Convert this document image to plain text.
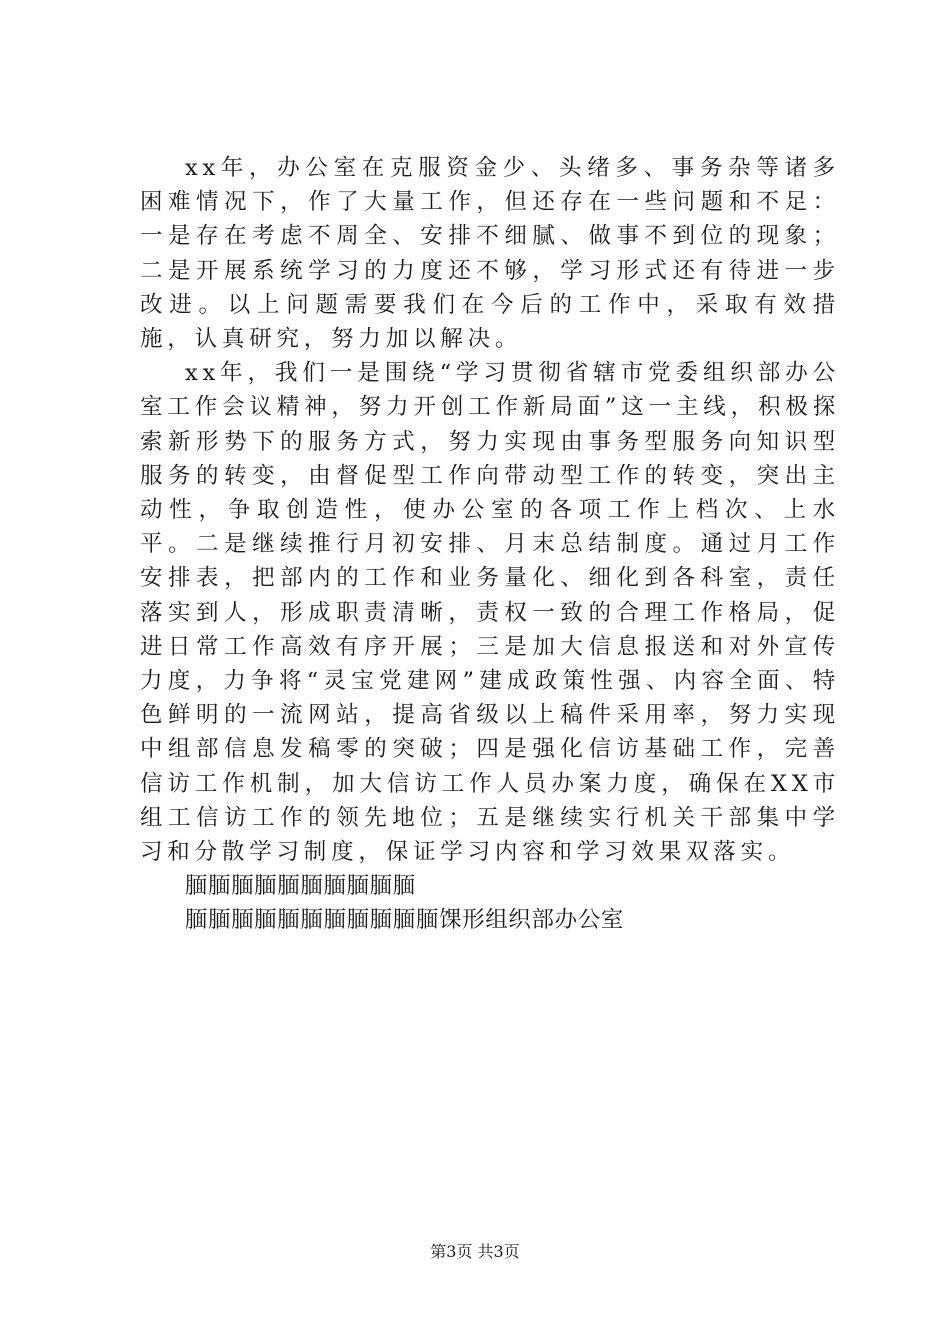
xx年，办公室在克服资金少、头绪多、事务杂等诸多困难情况下，作了大量工作，但还存在一些问题和不足：一是存在考虑不周全、安排不细腻、做事不到位的现象；二是开展系统学习的力度还不够，学习形式还有待进一步改进。以上问题需要我们在今后的工作中，采取有效措施，认真研究，努力加以解决。

xx年，我们一是围绕“学习贯彻省辖市党委组织部办公室工作会议精神，努力开创工作新局面”这一主线，积极探索新形势下的服务方式，努力实现由事务型服务向知识型服务的转变，由督促型工作向带动型工作的转变，突出主动性，争取创造性，使办公室的各项工作上档次、上水平。二是继续推行月初安排、月末总结制度。通过月工作安排表，把部内的工作和业务量化、细化到各科室，责任落实到人，形成职责清晰，责权一致的合理工作格局，促进日常工作高效有序开展；三是加大信息报送和对外宣传力度，力争将“灵宝党建网”建成政策性强、内容全面、特色鲜明的一流网站，提高省级以上稿件采用率，努力实现中组部信息发稿零的突破；四是强化信访基础工作，完善信访工作机制，加大信访工作人员办案力度，确保在XX市组工信访工作的领先地位；五是继续实行机关干部集中学习和分散学习制度，保证学习内容和学习效果双落实。

腼腼腼腼腼腼腼腼腼腼

腼腼腼腼腼腼腼腼腼腼腼馃形组织部办公室

第3页 共3页
